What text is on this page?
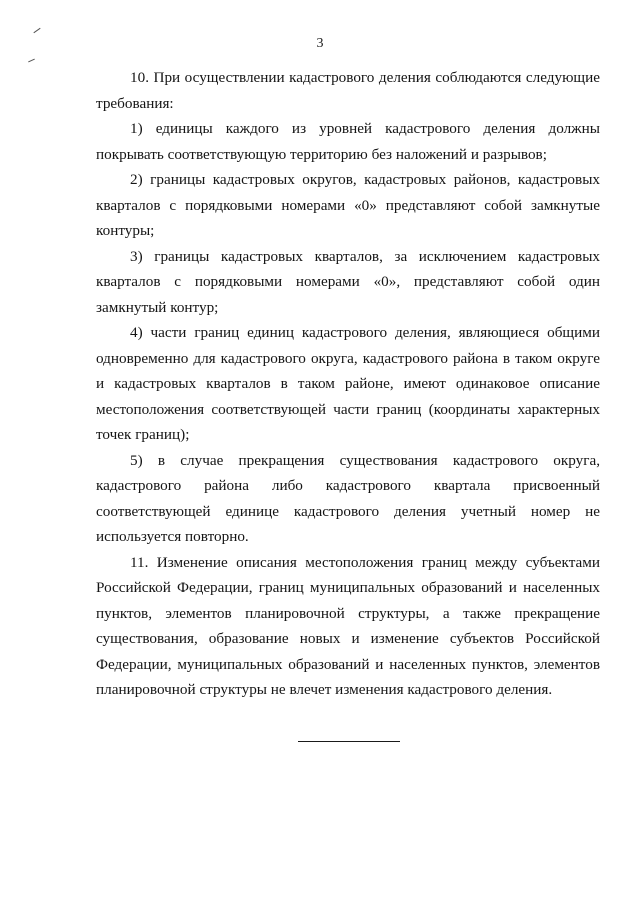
3

10. При осуществлении кадастрового деления соблюдаются следующие требования:

1) единицы каждого из уровней кадастрового деления должны покрывать соответствующую территорию без наложений и разрывов;

2) границы кадастровых округов, кадастровых районов, кадастровых кварталов с порядковыми номерами «0» представляют собой замкнутые контуры;

3) границы кадастровых кварталов, за исключением кадастровых кварталов с порядковыми номерами «0», представляют собой один замкнутый контур;

4) части границ единиц кадастрового деления, являющиеся общими одновременно для кадастрового округа, кадастрового района в таком округе и кадастровых кварталов в таком районе, имеют одинаковое описание местоположения соответствующей части границ (координаты характерных точек границ);

5) в случае прекращения существования кадастрового округа, кадастрового района либо кадастрового квартала присвоенный соответствующей единице кадастрового деления учетный номер не используется повторно.

11. Изменение описания местоположения границ между субъектами Российской Федерации, границ муниципальных образований и населенных пунктов, элементов планировочной структуры, а также прекращение существования, образование новых и изменение субъектов Российской Федерации, муниципальных образований и населенных пунктов, элементов планировочной структуры не влечет изменения кадастрового деления.
